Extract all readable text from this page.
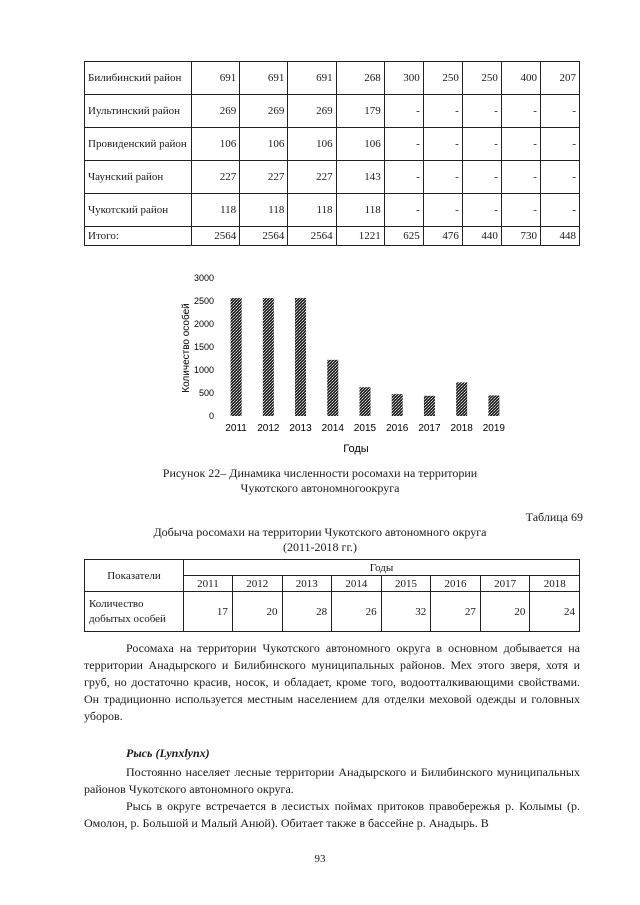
Билибинский район	691	691	691	268	300	250	250	400	207
Иультинский район	269	269	269	179	-	-	-	-	-
Провиденский район	106	106	106	106	-	-	-	-	-
Чаунский район	227	227	227	143	-	-	-	-	-
Чукотский район	118	118	118	118	-	-	-	-	-
Итого:	2564	2564	2564	1221	625	476	440	730	448
0
500
1000
1500
2000
2500
3000
2011 2012 2013 2014 2015 2016 2017 2018 2019
Количество особей
Годы
Рисунок 22– Динамика численности росомахи на территории
Чукотского автономногоокруга
Таблица 69
Добыча росомахи на территории Чукотского автономного округа
(2011-2018 гг.)
Показатели	Годы							
	2011	2012	2013	2014	2015	2016	2017	2018
Количество добытых особей	17	20	28	26	32	27	20	24

Росомаха на территории Чукотского автономного округа в основном добывается на территории Анадырского и Билибинского муниципальных районов. Мех этого зверя, хотя и груб, но достаточно красив, носок, и обладает, кроме того, водоотталкивающими свойствами. Он традиционно используется местным населением для отделки меховой одежды и головных уборов.

Рысь (Lynxlynx)

Постоянно населяет лесные территории Анадырского и Билибинского муниципальных районов Чукотского автономного округа.

Рысь в округе встречается в лесистых поймах притоков правобережья р. Колымы (р. Омолон, р. Большой и Малый Анюй). Обитает также в бассейне р. Анадырь. В

93
